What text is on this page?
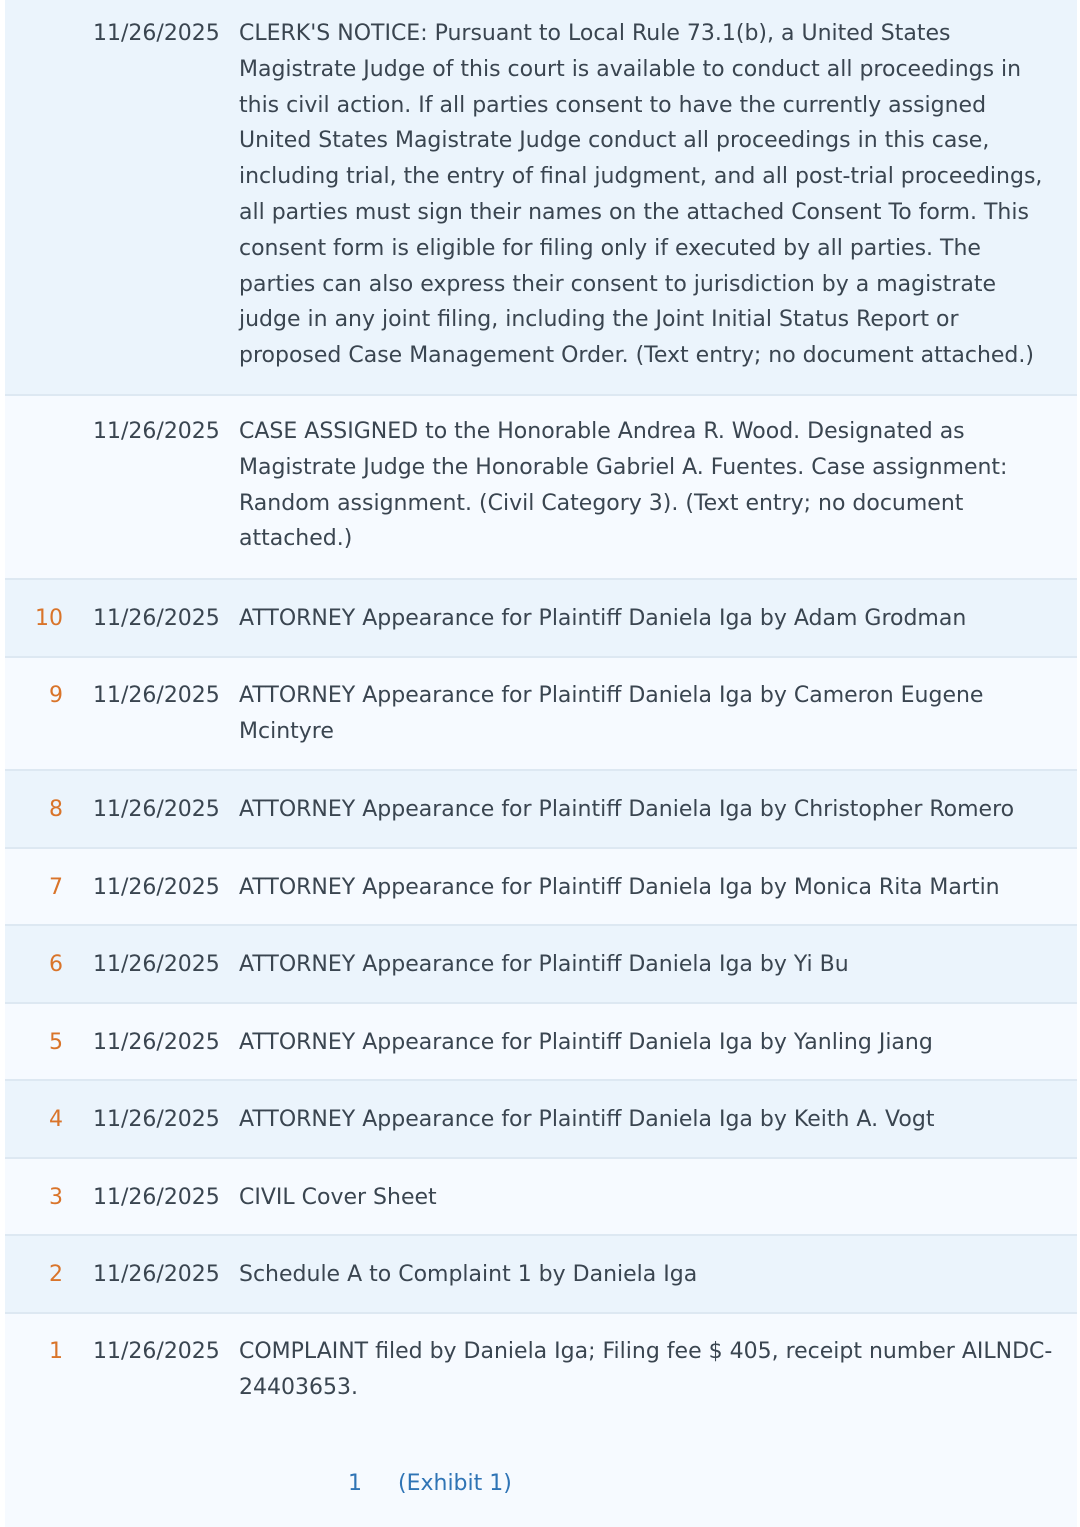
11/26/2025 CLERK'S NOTICE: Pursuant to Local Rule 73.1(b), a United States Magistrate Judge of this court is available to conduct all proceedings in this civil action. If all parties consent to have the currently assigned United States Magistrate Judge conduct all proceedings in this case, including trial, the entry of final judgment, and all post-trial proceedings, all parties must sign their names on the attached Consent To form. This consent form is eligible for filing only if executed by all parties. The parties can also express their consent to jurisdiction by a magistrate judge in any joint filing, including the Joint Initial Status Report or proposed Case Management Order. (Text entry; no document attached.)
11/26/2025 CASE ASSIGNED to the Honorable Andrea R. Wood. Designated as Magistrate Judge the Honorable Gabriel A. Fuentes. Case assignment: Random assignment. (Civil Category 3). (Text entry; no document attached.)
10 11/26/2025 ATTORNEY Appearance for Plaintiff Daniela Iga by Adam Grodman
9 11/26/2025 ATTORNEY Appearance for Plaintiff Daniela Iga by Cameron Eugene Mcintyre
8 11/26/2025 ATTORNEY Appearance for Plaintiff Daniela Iga by Christopher Romero
7 11/26/2025 ATTORNEY Appearance for Plaintiff Daniela Iga by Monica Rita Martin
6 11/26/2025 ATTORNEY Appearance for Plaintiff Daniela Iga by Yi Bu
5 11/26/2025 ATTORNEY Appearance for Plaintiff Daniela Iga by Yanling Jiang
4 11/26/2025 ATTORNEY Appearance for Plaintiff Daniela Iga by Keith A. Vogt
3 11/26/2025 CIVIL Cover Sheet
2 11/26/2025 Schedule A to Complaint 1 by Daniela Iga
1 11/26/2025 COMPLAINT filed by Daniela Iga; Filing fee $ 405, receipt number AILNDC-24403653.
1 (Exhibit 1)
